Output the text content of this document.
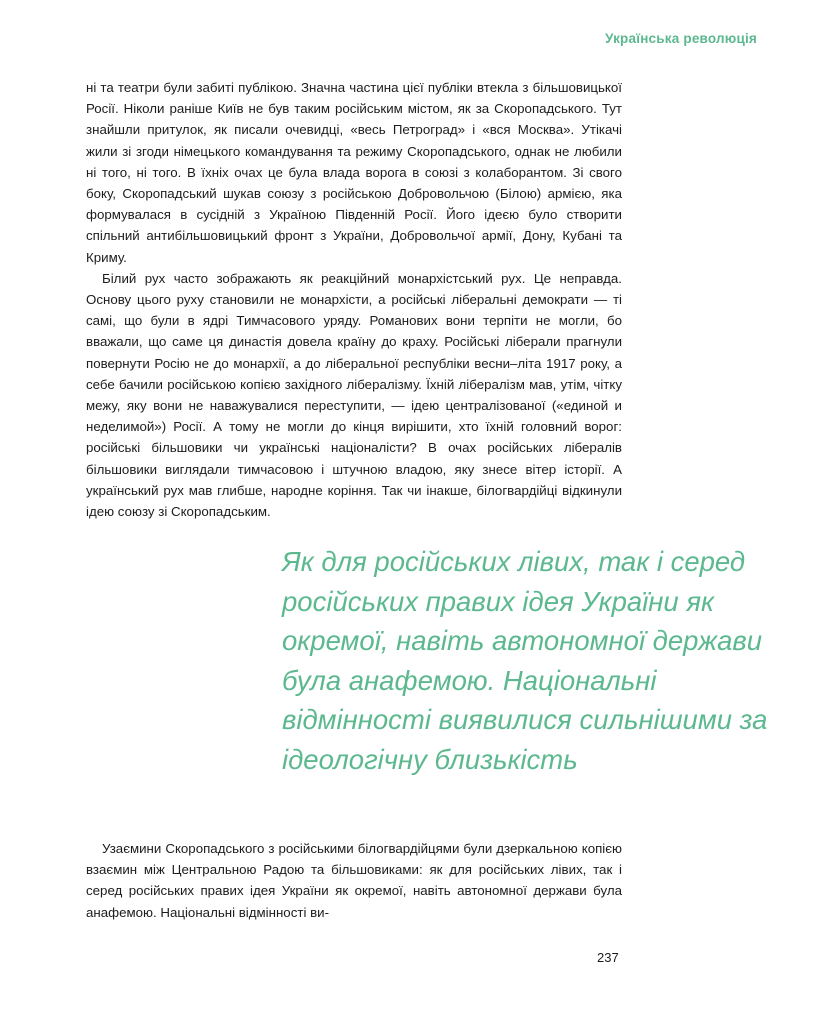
Українська революція

ні та театри були забиті публікою. Значна частина цієї публіки втекла з більшовицької Росії. Ніколи раніше Київ не був таким російським містом, як за Скоропадського. Тут знайшли притулок, як писали очевидці, «весь Петроград» і «вся Москва». Утікачі жили зі згоди німецького командування та режиму Скоропадського, однак не любили ні того, ні того. В їхніх очах це була влада ворога в союзі з колаборантом. Зі свого боку, Скоропадський шукав союзу з російською Добровольчою (Білою) армією, яка формувалася в сусідній з Україною Південній Росії. Його ідеєю було створити спільний антибільшовицький фронт з України, Добровольчої армії, Дону, Кубані та Криму.

Білий рух часто зображають як реакційний монархістський рух. Це неправда. Основу цього руху становили не монархісти, а російські ліберальні демократи — ті самі, що були в ядрі Тимчасового уряду. Романових вони терпіти не могли, бо вважали, що саме ця династія довела країну до краху. Російські ліберали прагнули повернути Росію не до монархії, а до ліберальної республіки весни–літа 1917 року, а себе бачили російською копією західного лібералізму. Їхній лібералізм мав, утім, чітку межу, яку вони не наважувалися переступити, — ідею централізованої («единой и неделимой») Росії. А тому не могли до кінця вирішити, хто їхній головний ворог: російські більшовики чи українські націоналісти? В очах російських лібералів більшовики виглядали тимчасовою і штучною владою, яку знесе вітер історії. А український рух мав глибше, народне коріння. Так чи інакше, білогвардійці відкинули ідею союзу зі Скоропадським.

Як для російських лівих, так і серед російських правих ідея України як окремої, навіть автономної держави була анафемою. Національні відмінності виявилися сильнішими за ідеологічну близькість

Узаємини Скоропадського з російськими білогвардійцями були дзеркальною копією взаємин між Центральною Радою та більшовиками: як для російських лівих, так і серед російських правих ідея України як окремої, навіть автономної держави була анафемою. Національні відмінності ви-

237
